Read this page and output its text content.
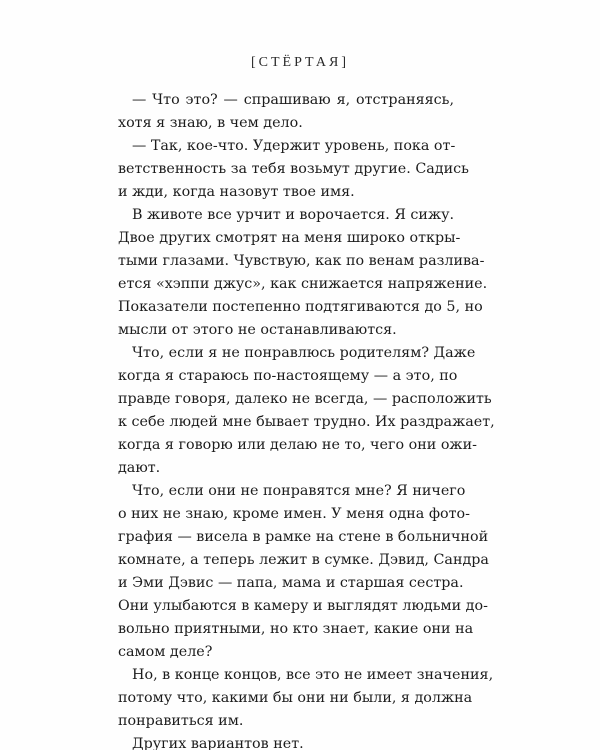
[СТЁРТАЯ]
— Что это? — спрашиваю я, отстраняясь,
хотя я знаю, в чем дело.
— Так, кое-что. Удержит уровень, пока от-
ветственность за тебя возьмут другие. Садись
и жди, когда назовут твое имя.
В животе все урчит и ворочается. Я сижу.
Двое других смотрят на меня широко откры-
тыми глазами. Чувствую, как по венам разлива-
ется «хэппи джус», как снижается напряжение.
Показатели постепенно подтягиваются до 5, но
мысли от этого не останавливаются.
Что, если я не понравлюсь родителям? Даже
когда я стараюсь по-настоящему — а это, по
правде говоря, далеко не всегда, — расположить
к себе людей мне бывает трудно. Их раздражает,
когда я говорю или делаю не то, чего они ожи-
дают.
Что, если они не понравятся мне? Я ничего
о них не знаю, кроме имен. У меня одна фото-
графия — висела в рамке на стене в больничной
комнате, а теперь лежит в сумке. Дэвид, Сандра
и Эми Дэвис — папа, мама и старшая сестра.
Они улыбаются в камеру и выглядят людьми до-
вольно приятными, но кто знает, какие они на
самом деле?
Но, в конце концов, все это не имеет значения,
потому что, какими бы они ни были, я должна
понравиться им.
Других вариантов нет.
